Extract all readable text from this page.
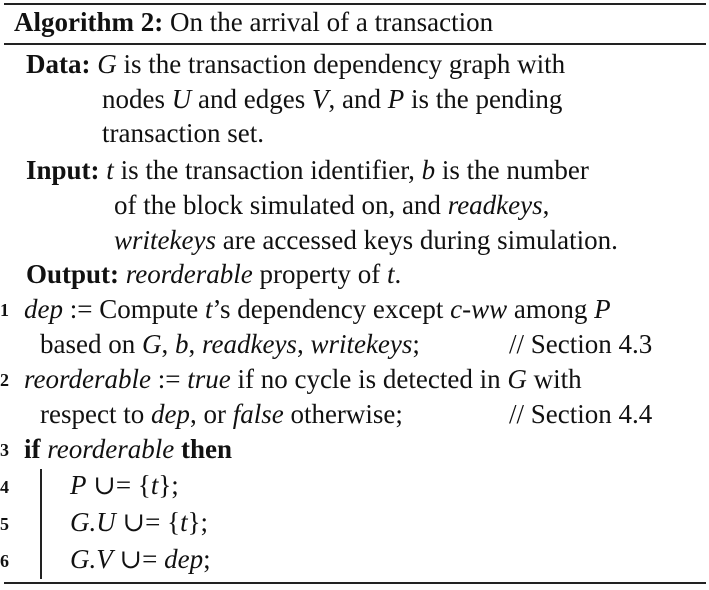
Algorithm 2: On the arrival of a transaction
Data: G is the transaction dependency graph with
nodes U and edges V, and P is the pending
transaction set.
Input: t is the transaction identifier, b is the number
of the block simulated on, and readkeys,
writekeys are accessed keys during simulation.
Output: reorderable property of t.
1 dep := Compute t’s dependency except c-ww among P
based on G, b, readkeys, writekeys;	// Section 4.3
2 reorderable := true if no cycle is detected in G with
respect to dep, or false otherwise;	// Section 4.4
3 if reorderable then
4 P ∪= {t};
5 G.U ∪= {t};
6 G.V ∪= dep;
